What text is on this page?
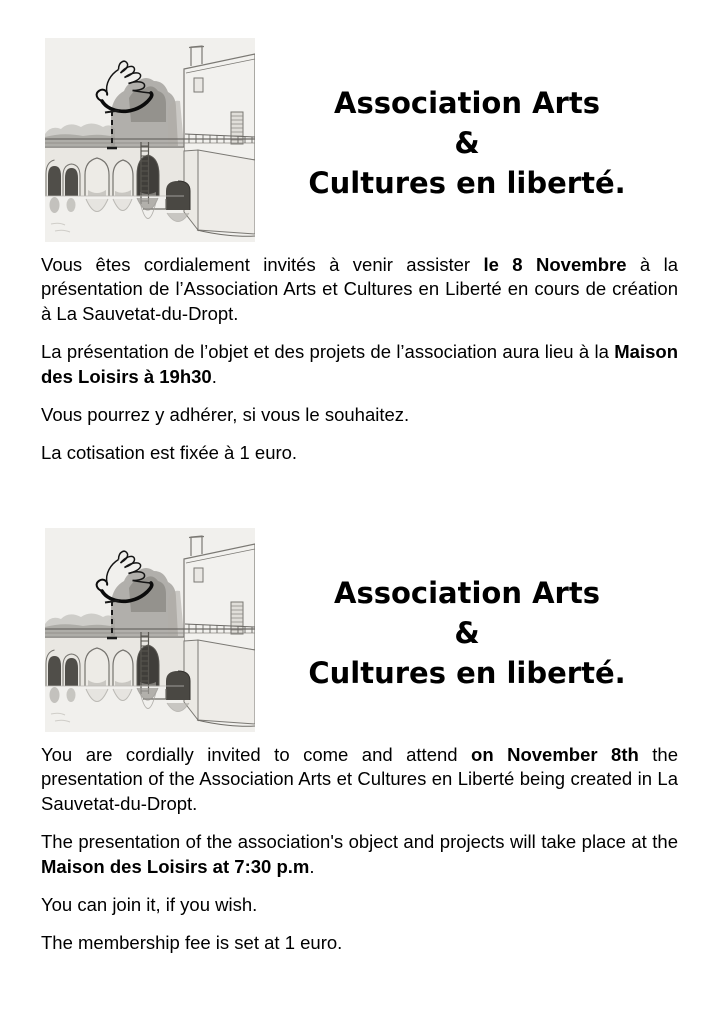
Association Arts
&
Cultures en liberté.

Vous êtes cordialement invités à venir assister le 8 Novembre à la présentation de l’Association Arts et Cultures en Liberté en cours de création à La Sauvetat-du-Dropt.

La présentation de l’objet et des projets de l’association aura lieu à la Maison des Loisirs à 19h30.

Vous pourrez y adhérer, si vous le souhaitez.

La cotisation est fixée à 1 euro.

Association Arts
&
Cultures en liberté.

You are cordially invited to come and attend on November 8th the presentation of the Association Arts et Cultures en Liberté being created in La Sauvetat-du-Dropt.

The presentation of the association's object and projects will take place at the Maison des Loisirs at 7:30 p.m.

You can join it, if you wish.

The membership fee is set at 1 euro.
